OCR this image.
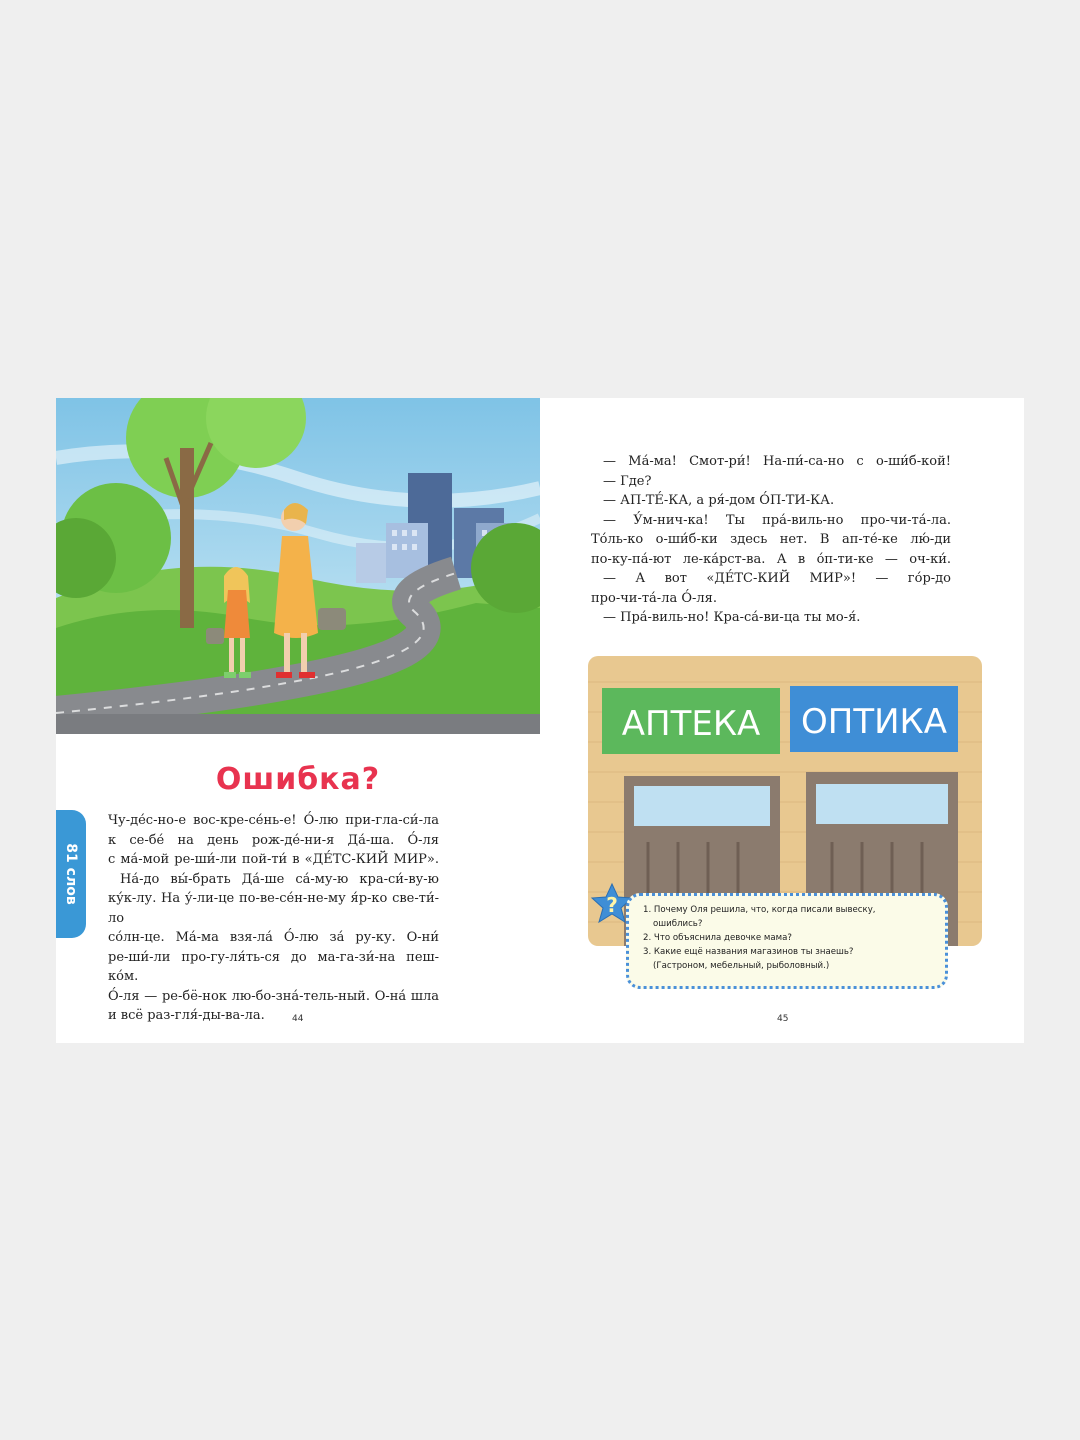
Ошибка?
81 слов

Чу-де́с-но-е вос-кре-се́нь-е! О́-лю при-гла-си́-ла

к се-бе́ на день рож-де́-ни-я Да́-ша. О́-ля

с ма́-мой ре-ши́-ли пой-ти́ в «ДЕ́ТС-КИЙ МИР».

На́-до вы́-брать Да́-ше са́-му-ю кра-си́-ву-ю

ку́к-лу. На у́-ли-це по-ве-се́н-не-му я́р-ко све-ти́-ло

со́лн-це. Ма́-ма взя-ла́ О́-лю за́ ру-ку. О-ни́

ре-ши́-ли про-гу-ля́ть-ся до ма-га-зи́-на пеш-ко́м.

О́-ля — ре-бё-нок лю-бо-зна́-тель-ный. О-на́ шла

и всё раз-гля́-ды-ва-ла.	44

— Ма́-ма! Смот-ри́! На-пи́-са-но с о-ши́б-кой!

— Где?

— АП-ТЕ́-КА, а ря́-дом О́П-ТИ-КА.

— У́м-нич-ка! Ты пра́-виль-но про-чи-та́-ла.

То́ль-ко о-ши́б-ки здесь нет. В ап-те́-ке лю́-ди

по-ку-па́-ют ле-ка́рст-ва. А в о́п-ти-ке — оч-ки́.

— А вот «ДЕ́ТС-КИЙ МИР»! — го́р-до

про-чи-та́-ла О́-ля.

— Пра́-виль-но! Кра-са́-ви-ца ты мо-я́.

АПТЕКА ОПТИКА
?	1. Почему Оля решила, что, когда писали вывеску,

ошиблись?

2. Что объяснила девочке мама?

3. Какие ещё названия магазинов ты знаешь?

(Гастроном, мебельный, рыболовный.)

45
